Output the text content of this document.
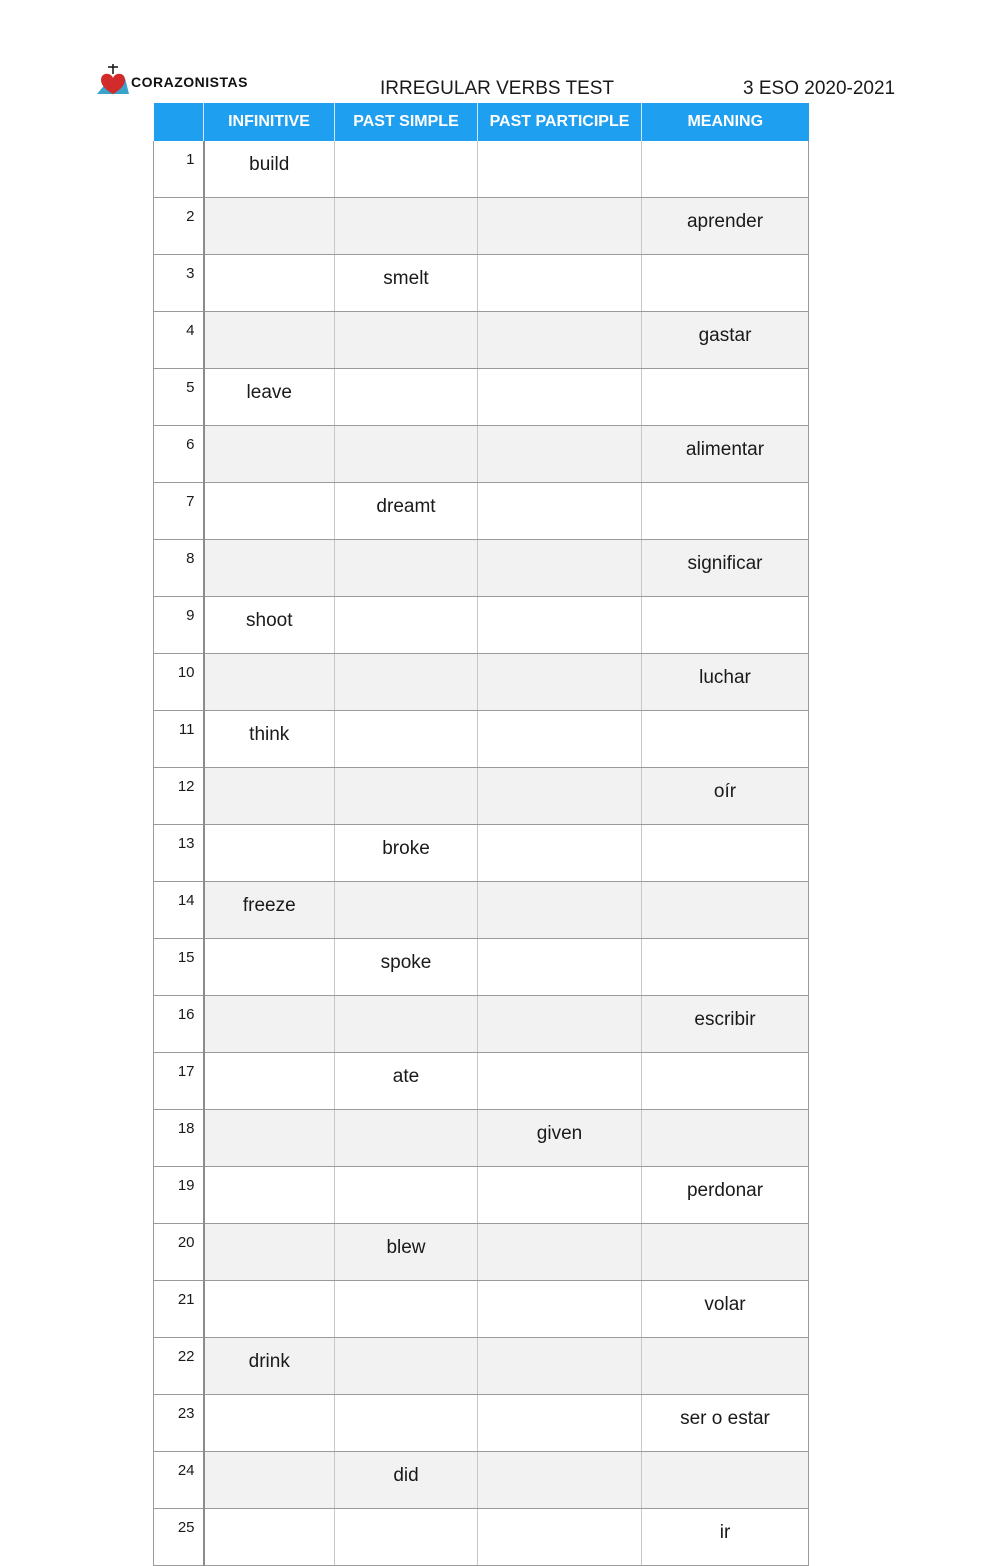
CORAZONISTAS	IRREGULAR VERBS TEST	3 ESO 2020-2021
	INFINITIVE	PAST SIMPLE	PAST PARTICIPLE	MEANING
1	build			
2				aprender
3		smelt		
4				gastar
5	leave			
6				alimentar
7		dreamt		
8				significar
9	shoot			
10				luchar
11	think			
12				oír
13		broke		
14	freeze			
15		spoke		
16				escribir
17		ate		
18			given	
19				perdonar
20		blew		
21				volar
22	drink			
23				ser o estar
24		did		
25				ir
